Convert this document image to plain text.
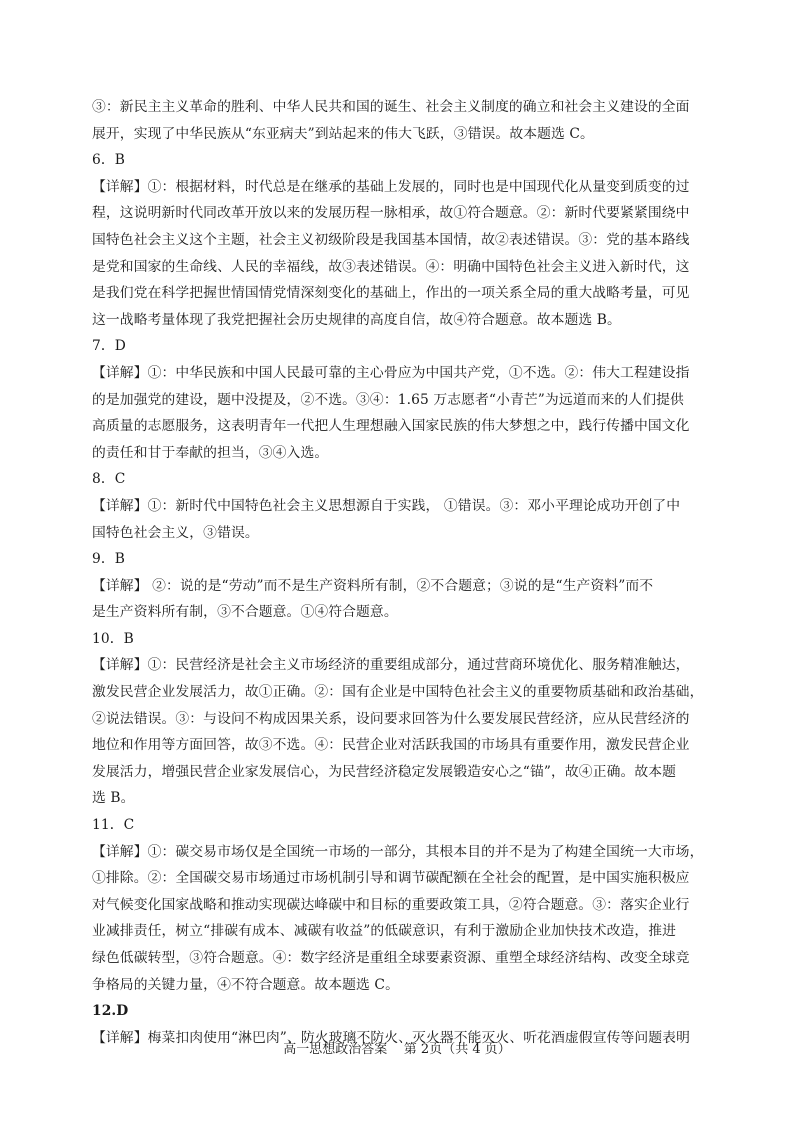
③：新民主主义革命的胜利、中华人民共和国的诞生、社会主义制度的确立和社会主义建设的全面
展开，实现了中华民族从“东亚病夫”到站起来的伟大飞跃，③错误。故本题选 C。
6．B
【详解】①：根据材料，时代总是在继承的基础上发展的，同时也是中国现代化从量变到质变的过
程，这说明新时代同改革开放以来的发展历程一脉相承，故①符合题意。②：新时代要紧紧围绕中
国特色社会主义这个主题，社会主义初级阶段是我国基本国情，故②表述错误。③：党的基本路线
是党和国家的生命线、人民的幸福线，故③表述错误。④：明确中国特色社会主义进入新时代，这
是我们党在科学把握世情国情党情深刻变化的基础上，作出的一项关系全局的重大战略考量，可见
这一战略考量体现了我党把握社会历史规律的高度自信，故④符合题意。故本题选 B。
7．D
【详解】①：中华民族和中国人民最可靠的主心骨应为中国共产党，①不选。②：伟大工程建设指
的是加强党的建设，题中没提及，②不选。③④：1.65 万志愿者“小青芒”为远道而来的人们提供
高质量的志愿服务，这表明青年一代把人生理想融入国家民族的伟大梦想之中，践行传播中国文化
的责任和甘于奉献的担当，③④入选。
8．C
【详解】①：新时代中国特色社会主义思想源自于实践， ①错误。③：邓小平理论成功开创了中
国特色社会主义，③错误。
9．B
【详解】 ②：说的是“劳动”而不是生产资料所有制，②不合题意；③说的是“生产资料”而不
是生产资料所有制，③不合题意。①④符合题意。
10．B
【详解】①：民营经济是社会主义市场经济的重要组成部分，通过营商环境优化、服务精准触达，
激发民营企业发展活力，故①正确。②：国有企业是中国特色社会主义的重要物质基础和政治基础，
②说法错误。③：与设问不构成因果关系，设问要求回答为什么要发展民营经济，应从民营经济的
地位和作用等方面回答，故③不选。④：民营企业对活跃我国的市场具有重要作用，激发民营企业
发展活力，增强民营企业家发展信心，为民营经济稳定发展锻造安心之“锚”，故④正确。故本题
选 B。
11．C
【详解】①：碳交易市场仅是全国统一市场的一部分，其根本目的并不是为了构建全国统一大市场，
①排除。②：全国碳交易市场通过市场机制引导和调节碳配额在全社会的配置，是中国实施积极应
对气候变化国家战略和推动实现碳达峰碳中和目标的重要政策工具，②符合题意。③：落实企业行
业减排责任，树立“排碳有成本、减碳有收益”的低碳意识，有利于激励企业加快技术改造，推进
绿色低碳转型，③符合题意。④：数字经济是重组全球要素资源、重塑全球经济结构、改变全球竞
争格局的关键力量，④不符合题意。故本题选 C。
12.D
【详解】梅菜扣肉使用“淋巴肉”、防火玻璃不防火、灭火器不能灭火、听花酒虚假宣传等问题表明
高一思想政治答案    第 2页（共 4 页）
